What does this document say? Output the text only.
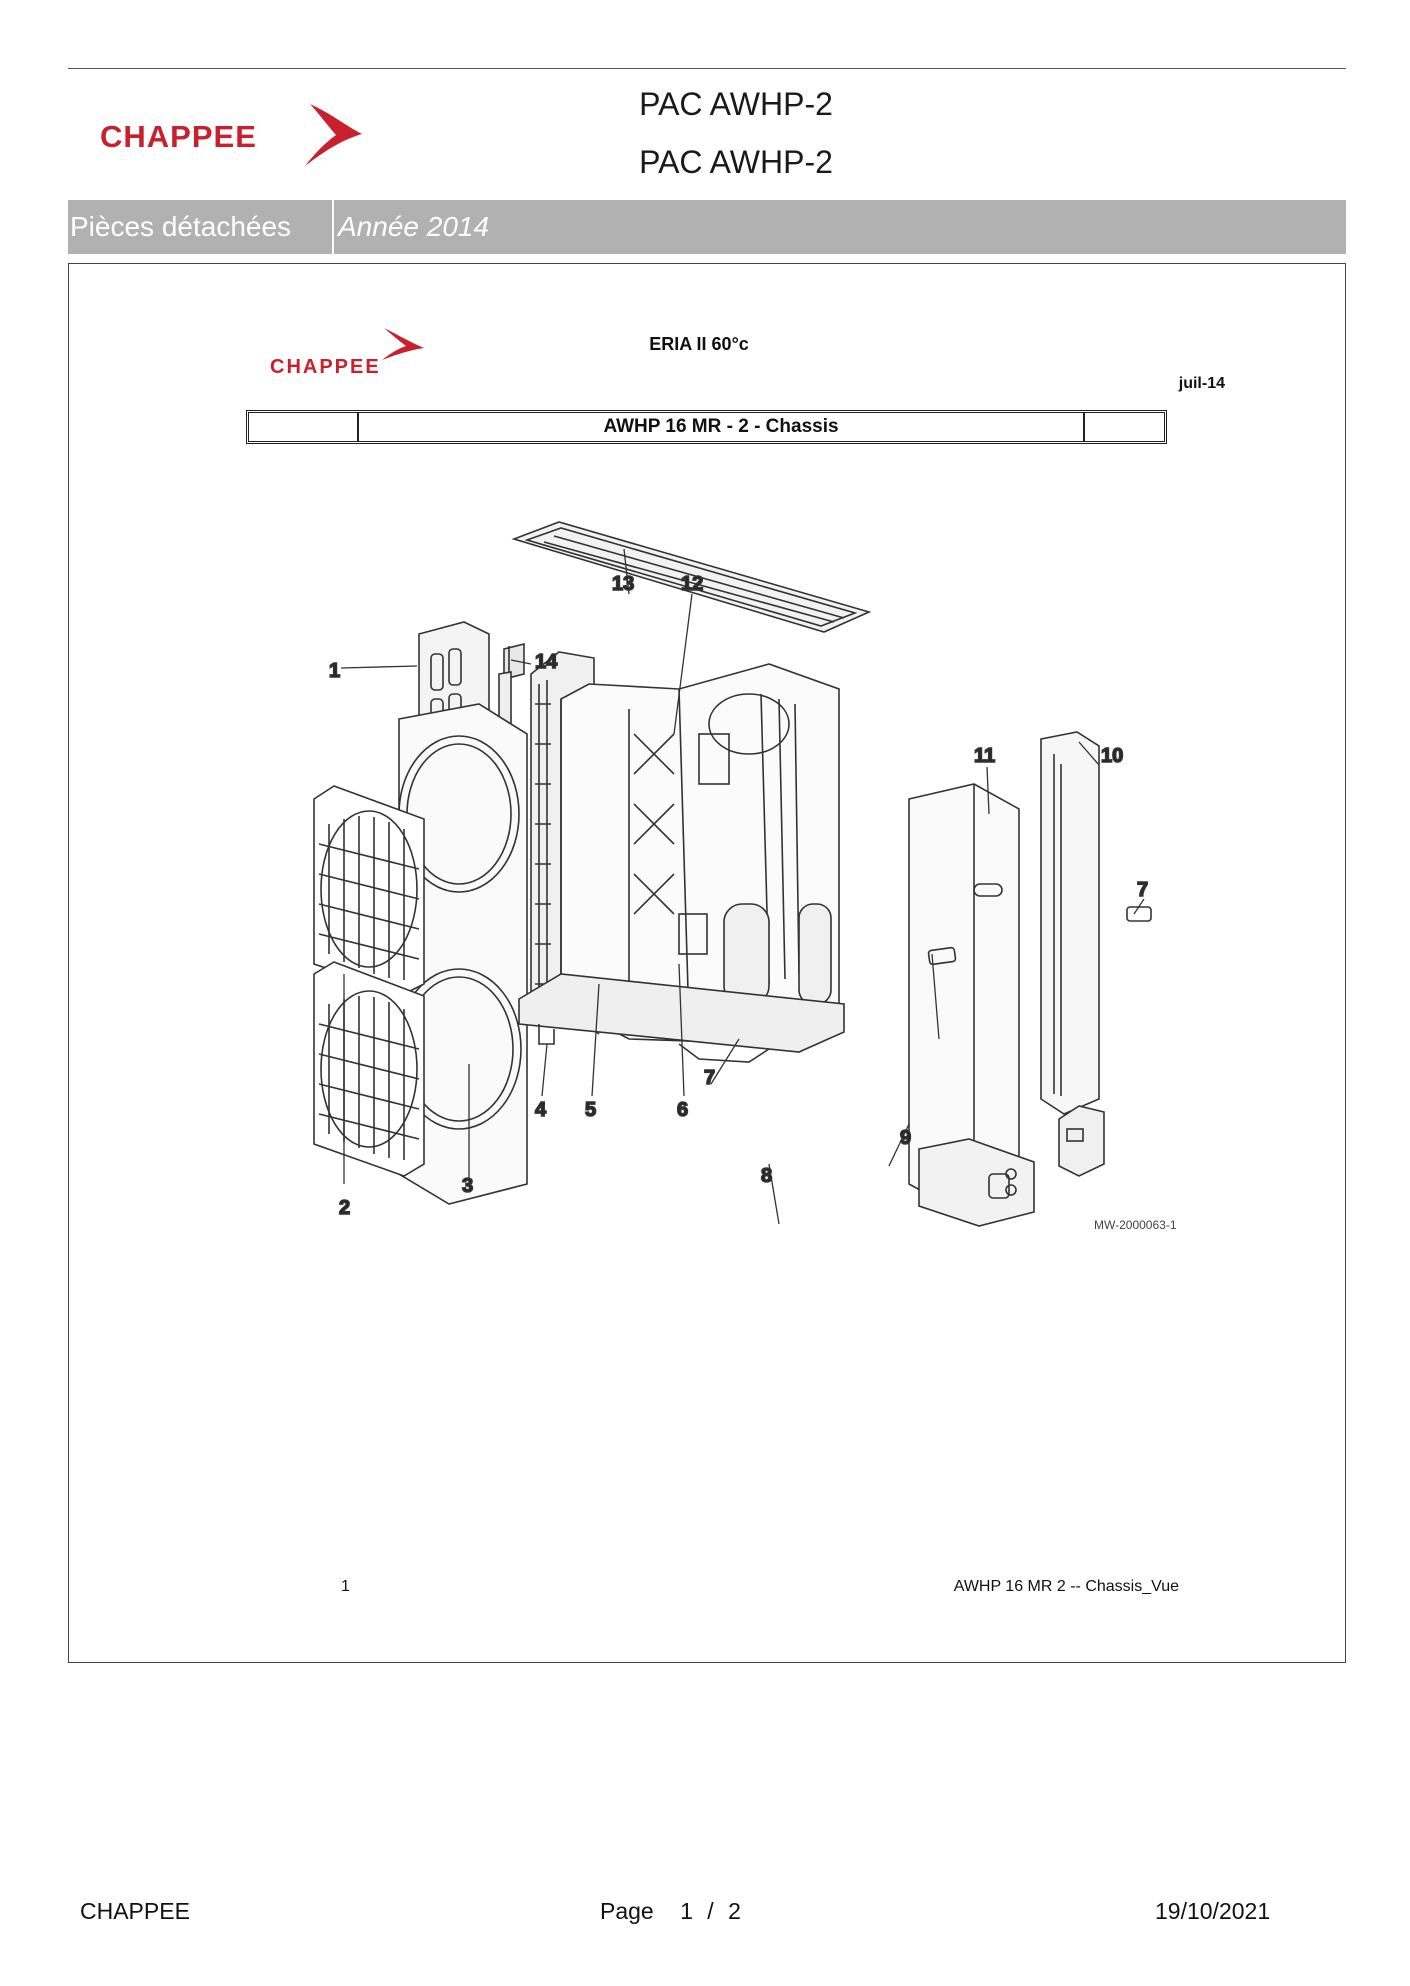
CHAPPEE
PAC AWHP-2
PAC AWHP-2
Pièces détachées	Année 2014
CHAPPEE
ERIA II 60°c
juil-14
AWHP 16 MR - 2 - Chassis
1
2
3
4 5	6
7
7
8
9
10
11
12
13
14
MW-2000063-1
1	AWHP 16 MR 2 -- Chassis_Vue
CHAPPEE	Page 1 / 2	19/10/2021
